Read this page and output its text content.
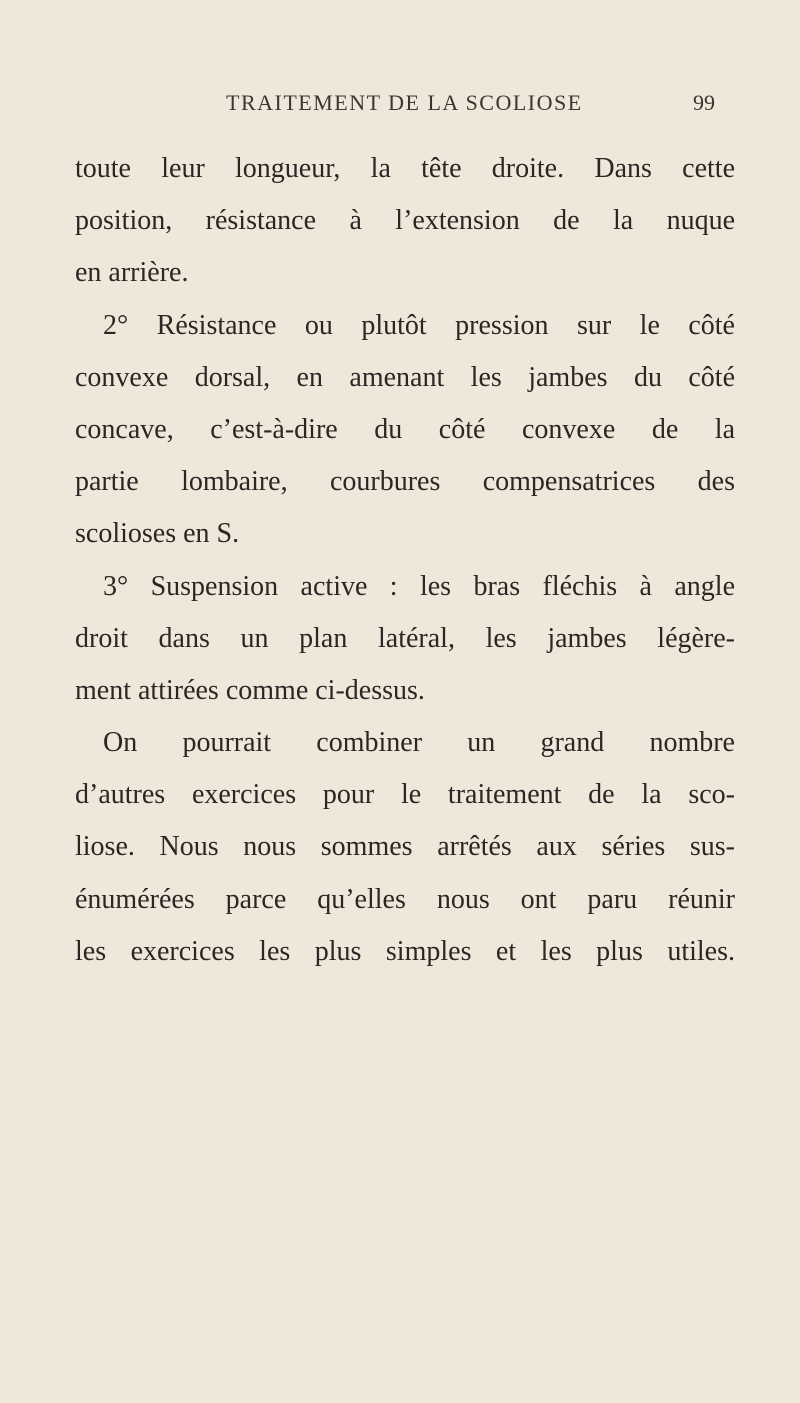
TRAITEMENT DE LA SCOLIOSE	99
toute leur longueur, la tête droite. Dans cette
position, résistance à l’extension de la nuque
en arrière.
2° Résistance ou plutôt pression sur le côté
convexe dorsal, en amenant les jambes du côté
concave, c’est-à-dire du côté convexe de la
partie lombaire, courbures compensatrices des
scolioses en S.
3° Suspension active : les bras fléchis à angle
droit dans un plan latéral, les jambes légère-
ment attirées comme ci-dessus.
On pourrait combiner un grand nombre
d’autres exercices pour le traitement de la sco-
liose. Nous nous sommes arrêtés aux séries sus-
énumérées parce qu’elles nous ont paru réunir
les exercices les plus simples et les plus utiles.
